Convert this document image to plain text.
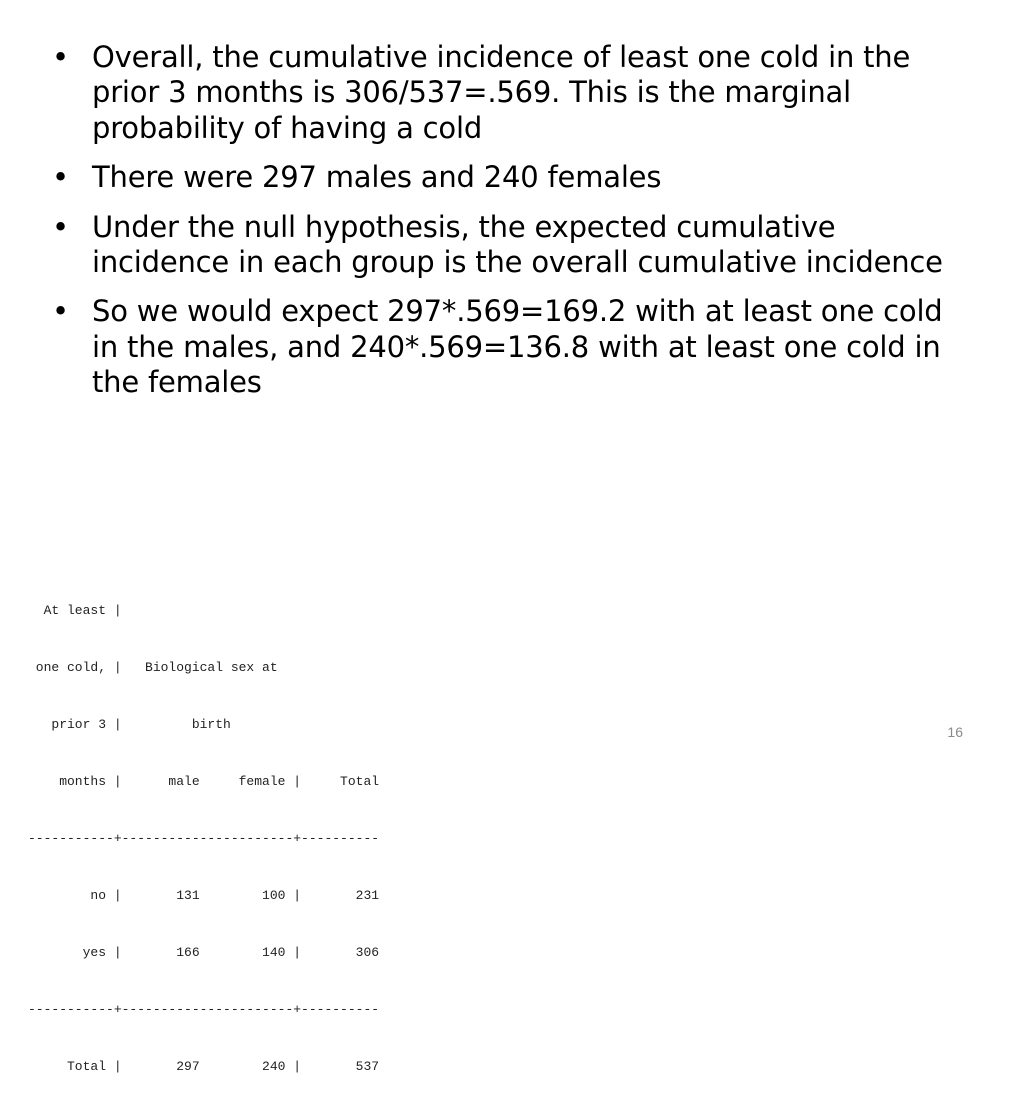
• Overall, the cumulative incidence of least one cold in the prior 3 months is 306/537=.569. This is the marginal probability of having a cold
• There were 297 males and 240 females
• Under the null hypothesis, the expected cumulative incidence in each group is the overall cumulative incidence
• So we would expect 297*.569=169.2 with at least one cold in the males, and 240*.569=136.8 with at least one cold in the females

At least |

one cold, |   Biological sex at

prior 3 |         birth

months |      male     female |     Total

-----------+----------------------+----------

no |       131        100 |       231

yes |       166        140 |       306

-----------+----------------------+----------

Total |       297        240 |       537

16
